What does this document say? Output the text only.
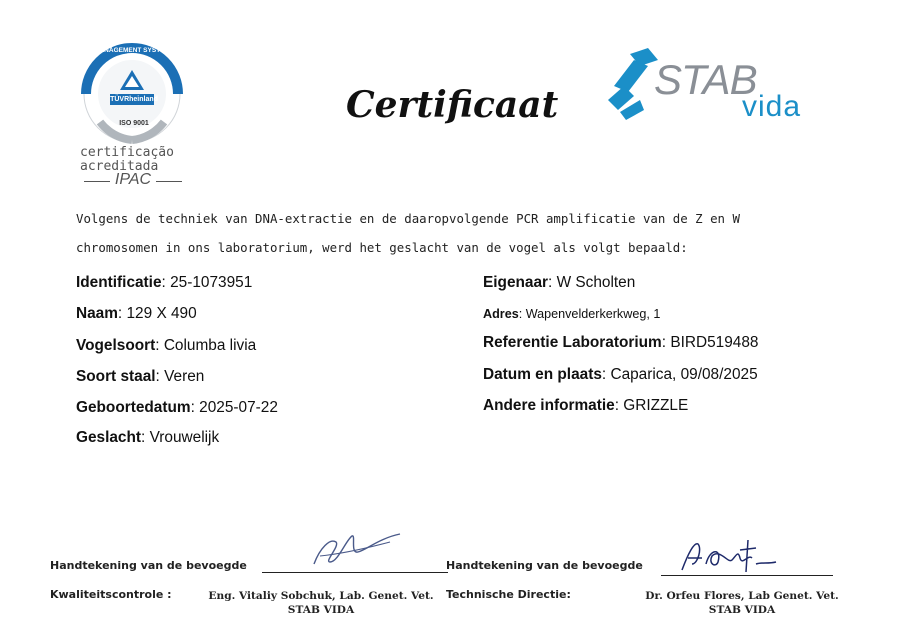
MANAGEMENT SYSTEM
TÜVRheinland
ISO 9001
certificação
acreditada
IPAC
Certificaat
STAB
vida
Volgens de techniek van DNA-extractie en de daaropvolgende PCR amplificatie van de Z en W
chromosomen in ons laboratorium, werd het geslacht van de vogel als volgt bepaald:
Identificatie: 25-1073951
Naam: 129 X 490
Vogelsoort: Columba livia
Soort staal: Veren
Geboortedatum: 2025-07-22
Geslacht: Vrouwelijk
Eigenaar: W Scholten
Adres: Wapenvelderkerkweg, 1
Referentie Laboratorium: BIRD519488
Datum en plaats: Caparica, 09/08/2025
Andere informatie: GRIZZLE
Handtekening van de bevoegde	Handtekening van de bevoegde
Kwaliteitscontrole :	Eng. Vitaliy Sobchuk, Lab. Genet. Vet.
STAB VIDA
Technische Directie:	Dr. Orfeu Flores, Lab Genet. Vet.
STAB VIDA
